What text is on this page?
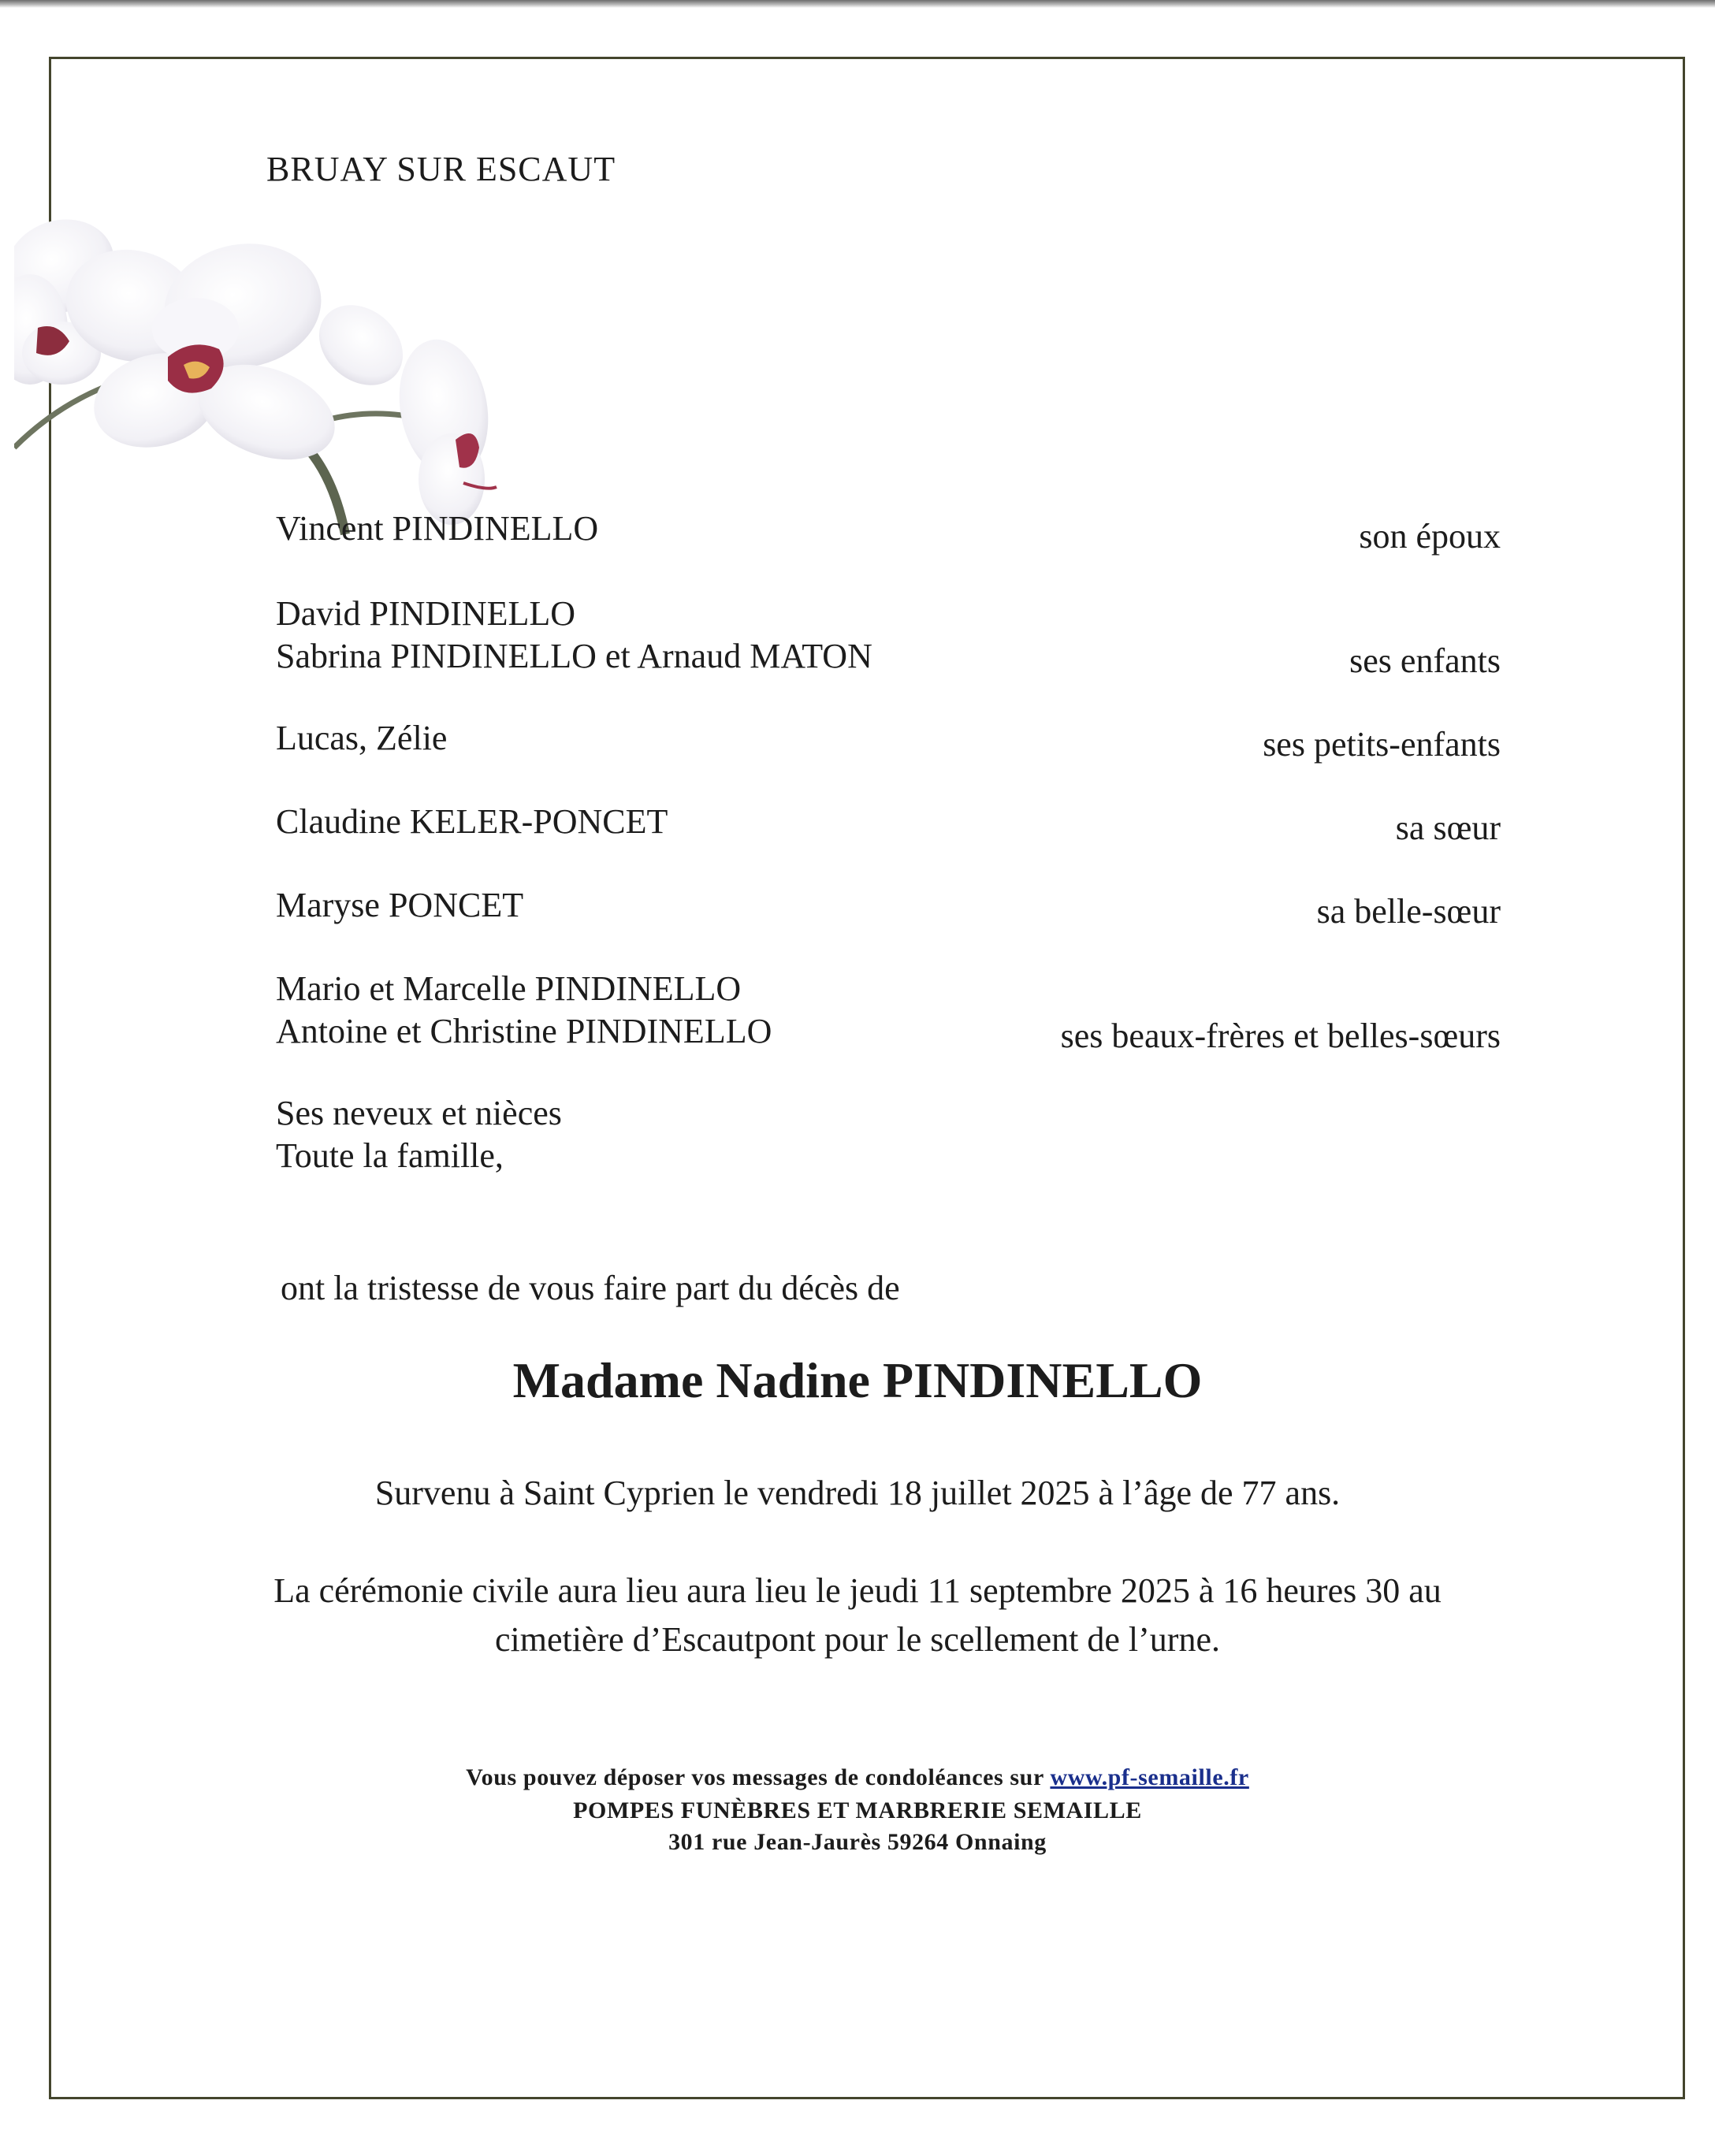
BRUAY SUR ESCAUT
Vincent PINDINELLO	son époux
David PINDINELLO
Sabrina PINDINELLO et Arnaud MATON	ses enfants
Lucas, Zélie	ses petits-enfants
Claudine KELER-PONCET	sa sœur
Maryse PONCET	sa belle-sœur
Mario et Marcelle PINDINELLO
Antoine et Christine PINDINELLO	ses beaux-frères et belles-sœurs
Ses neveux et nièces
Toute la famille,
ont la tristesse de vous faire part du décès de
Madame Nadine PINDINELLO
Survenu à Saint Cyprien le vendredi 18 juillet 2025 à l’âge de 77 ans.
La cérémonie civile aura lieu aura lieu le jeudi 11 septembre 2025 à 16 heures 30 au
cimetière d’Escautpont pour le scellement de l’urne.
Vous pouvez déposer vos messages de condoléances sur www.pf-semaille.fr
POMPES FUNÈBRES ET MARBRERIE SEMAILLE
301 rue Jean-Jaurès 59264 Onnaing
